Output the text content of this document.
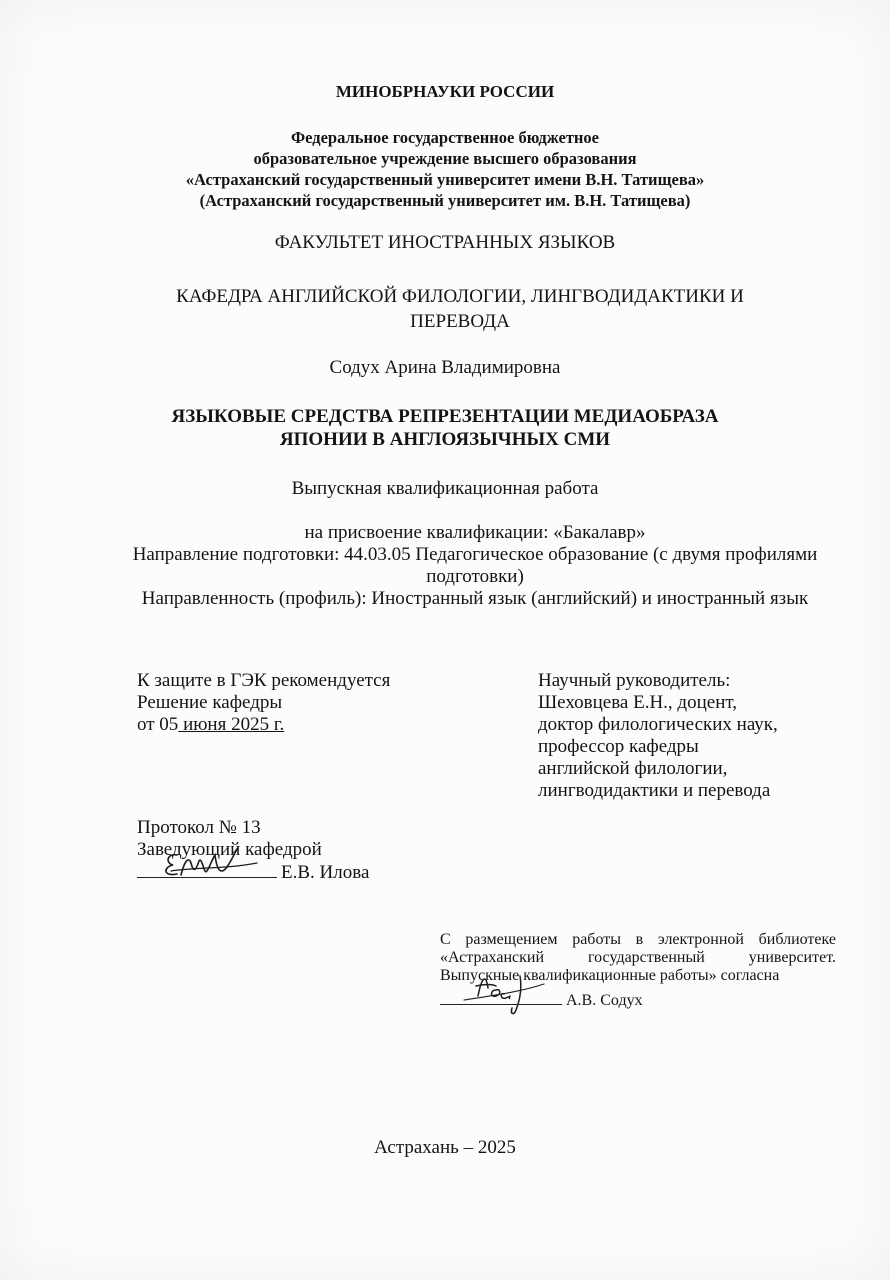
МИНОБРНАУКИ РОССИИ
Федеральное государственное бюджетное
образовательное учреждение высшего образования
«Астраханский государственный университет имени В.Н. Татищева»
(Астраханский государственный университет им. В.Н. Татищева)
ФАКУЛЬТЕТ ИНОСТРАННЫХ ЯЗЫКОВ
КАФЕДРА АНГЛИЙСКОЙ ФИЛОЛОГИИ, ЛИНГВОДИДАКТИКИ И ПЕРЕВОДА
Содух Арина Владимировна
ЯЗЫКОВЫЕ СРЕДСТВА РЕПРЕЗЕНТАЦИИ МЕДИАОБРАЗА
ЯПОНИИ В АНГЛОЯЗЫЧНЫХ СМИ
Выпускная квалификационная работа
на присвоение квалификации: «Бакалавр»
Направление подготовки: 44.03.05 Педагогическое образование (с двумя профилями подготовки)
Направленность (профиль): Иностранный язык (английский) и иностранный язык
К защите в ГЭК рекомендуется
Решение кафедры
от 05 июня 2025 г.
Научный руководитель:
Шеховцева Е.Н., доцент,
доктор филологических наук,
профессор кафедры
английской филологии,
лингводидактики и перевода
Протокол № 13
Заведующий кафедрой
Е.В. Илова
С размещением работы в электронной библиотеке
«Астраханский государственный университет.
Выпускные квалификационные работы» согласна
А.В. Содух
Астрахань – 2025
